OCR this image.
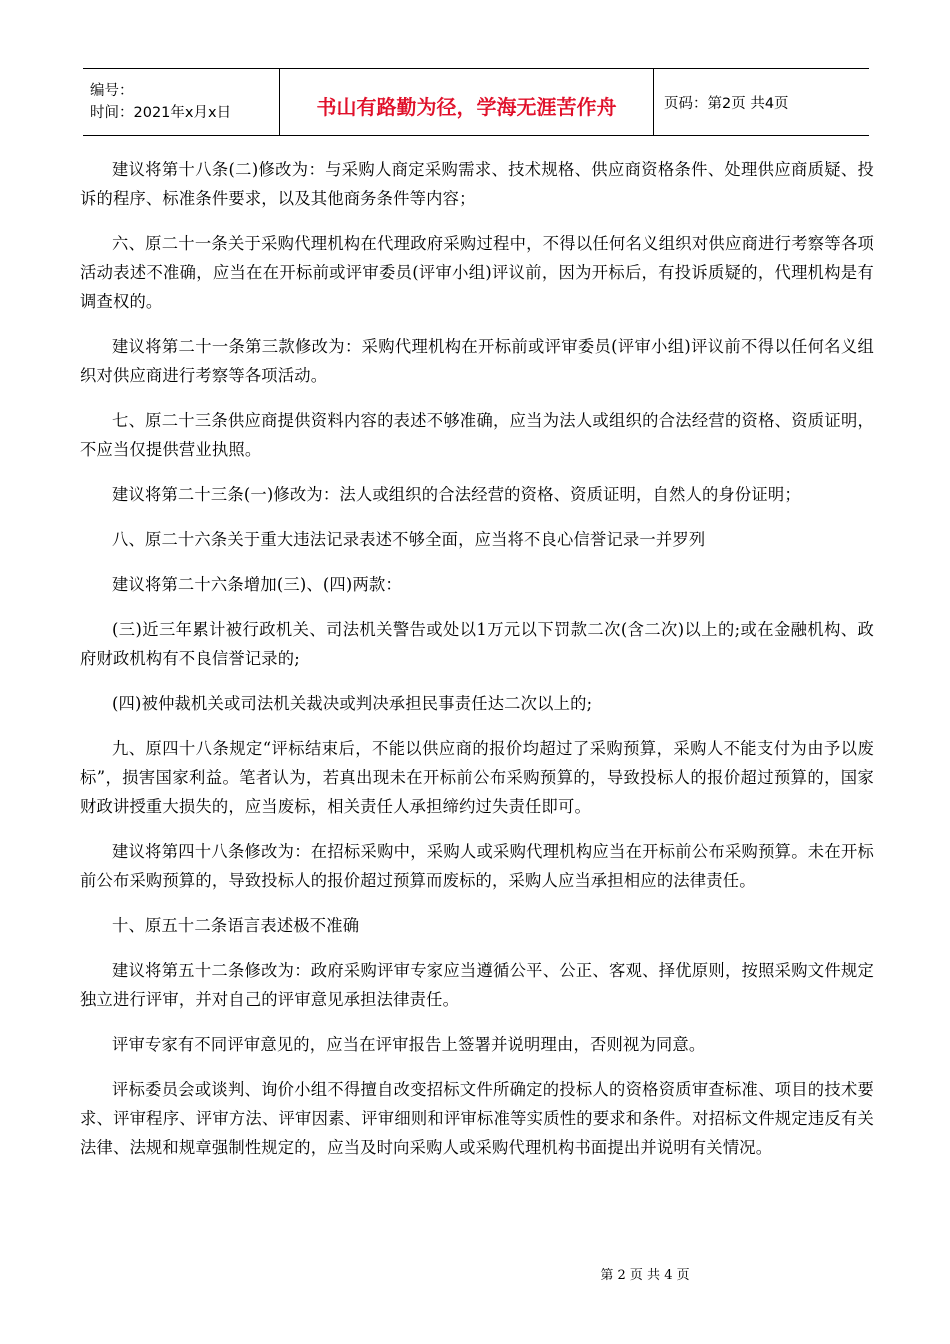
编号：
时间：2021年x月x日	书山有路勤为径，学海无涯苦作舟	页码：第2页 共4页

建议将第十八条(二)修改为：与采购人商定采购需求、技术规格、供应商资格条件、处理供应商质疑、投诉的程序、标准条件要求，以及其他商务条件等内容；

六、原二十一条关于采购代理机构在代理政府采购过程中，不得以任何名义组织对供应商进行考察等各项活动表述不准确，应当在在开标前或评审委员(评审小组)评议前，因为开标后，有投诉质疑的，代理机构是有调查权的。

建议将第二十一条第三款修改为：采购代理机构在开标前或评审委员(评审小组)评议前不得以任何名义组织对供应商进行考察等各项活动。

七、原二十三条供应商提供资料内容的表述不够准确，应当为法人或组织的合法经营的资格、资质证明，不应当仅提供营业执照。

建议将第二十三条(一)修改为：法人或组织的合法经营的资格、资质证明，自然人的身份证明；

八、原二十六条关于重大违法记录表述不够全面，应当将不良心信誉记录一并罗列

建议将第二十六条增加(三)、(四)两款：

(三)近三年累计被行政机关、司法机关警告或处以1万元以下罚款二次(含二次)以上的;或在金融机构、政府财政机构有不良信誉记录的;

(四)被仲裁机关或司法机关裁决或判决承担民事责任达二次以上的;

九、原四十八条规定“评标结束后，不能以供应商的报价均超过了采购预算，采购人不能支付为由予以废标”，损害国家利益。笔者认为，若真出现未在开标前公布采购预算的，导致投标人的报价超过预算的，国家财政讲授重大损失的，应当废标，相关责任人承担缔约过失责任即可。

建议将第四十八条修改为：在招标采购中，采购人或采购代理机构应当在开标前公布采购预算。未在开标前公布采购预算的，导致投标人的报价超过预算而废标的，采购人应当承担相应的法律责任。

十、原五十二条语言表述极不准确

建议将第五十二条修改为：政府采购评审专家应当遵循公平、公正、客观、择优原则，按照采购文件规定独立进行评审，并对自己的评审意见承担法律责任。

评审专家有不同评审意见的，应当在评审报告上签署并说明理由，否则视为同意。

评标委员会或谈判、询价小组不得擅自改变招标文件所确定的投标人的资格资质审查标准、项目的技术要求、评审程序、评审方法、评审因素、评审细则和评审标准等实质性的要求和条件。对招标文件规定违反有关法律、法规和规章强制性规定的，应当及时向采购人或采购代理机构书面提出并说明有关情况。

第 2 页 共 4 页
